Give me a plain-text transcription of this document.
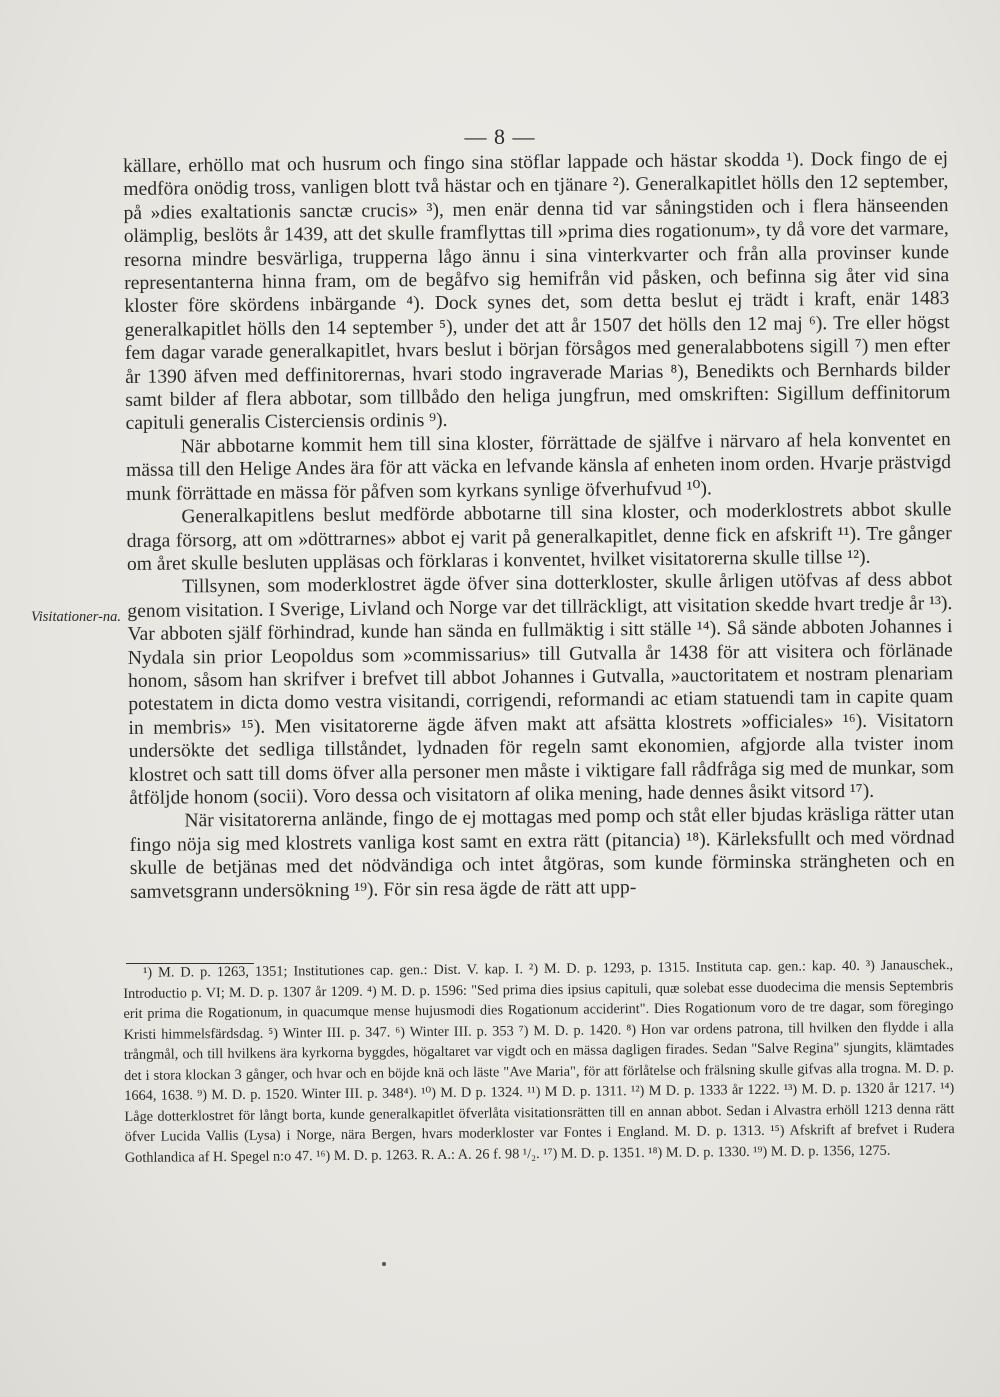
— 8 —
Visitationer-na.

källare, erhöllo mat och husrum och fingo sina stöflar lappade och hästar skodda ¹). Dock fingo de ej medföra onödig tross, vanligen blott två hästar och en tjänare ²). Generalkapitlet hölls den 12 september, på »dies exaltationis sanctæ crucis» ³), men enär denna tid var såningstiden och i flera hänseenden olämplig, beslöts år 1439, att det skulle framflyttas till »prima dies rogationum», ty då vore det varmare, resorna mindre besvärliga, trupperna lågo ännu i sina vinterkvarter och från alla provinser kunde representanterna hinna fram, om de begåfvo sig hemifrån vid påsken, och befinna sig åter vid sina kloster före skördens inbärgande ⁴). Dock synes det, som detta beslut ej trädt i kraft, enär 1483 generalkapitlet hölls den 14 september ⁵), under det att år 1507 det hölls den 12 maj ⁶). Tre eller högst fem dagar varade generalkapitlet, hvars beslut i början försågos med generalabbotens sigill ⁷) men efter år 1390 äfven med deffinitorernas, hvari stodo ingraverade Marias ⁸), Benedikts och Bernhards bilder samt bilder af flera abbotar, som tillbådo den heliga jungfrun, med omskriften: Sigillum deffinitorum capituli generalis Cisterciensis ordinis ⁹).

När abbotarne kommit hem till sina kloster, förrättade de själfve i närvaro af hela konventet en mässa till den Helige Andes ära för att väcka en lefvande känsla af enheten inom orden. Hvarje prästvigd munk förrättade en mässa för påfven som kyrkans synlige öfverhufvud ¹⁰).

Generalkapitlens beslut medförde abbotarne till sina kloster, och moderklostrets abbot skulle draga försorg, att om »döttrarnes» abbot ej varit på generalkapitlet, denne fick en afskrift ¹¹). Tre gånger om året skulle besluten uppläsas och förklaras i konventet, hvilket visitatorerna skulle tillse ¹²).

Tillsynen, som moderklostret ägde öfver sina dotterkloster, skulle årligen utöfvas af dess abbot genom visitation. I Sverige, Livland och Norge var det tillräckligt, att visitation skedde hvart tredje år ¹³). Var abboten själf förhindrad, kunde han sända en fullmäktig i sitt ställe ¹⁴). Så sände abboten Johannes i Nydala sin prior Leopoldus som »commissarius» till Gutvalla år 1438 för att visitera och förlänade honom, såsom han skrifver i brefvet till abbot Johannes i Gutvalla, »auctoritatem et nostram plenariam potestatem in dicta domo vestra visitandi, corrigendi, reformandi ac etiam statuendi tam in capite quam in membris» ¹⁵). Men visitatorerne ägde äfven makt att afsätta klostrets »officiales» ¹⁶). Visitatorn undersökte det sedliga tillståndet, lydnaden för regeln samt ekonomien, afgjorde alla tvister inom klostret och satt till doms öfver alla personer men måste i viktigare fall rådfråga sig med de munkar, som åtföljde honom (socii). Voro dessa och visitatorn af olika mening, hade dennes åsikt vitsord ¹⁷).

När visitatorerna anlände, fingo de ej mottagas med pomp och ståt eller bjudas kräsliga rätter utan fingo nöja sig med klostrets vanliga kost samt en extra rätt (pitancia) ¹⁸). Kärleksfullt och med vördnad skulle de betjänas med det nödvändiga och intet åtgöras, som kunde förminska strängheten och en samvetsgrann undersökning ¹⁹). För sin resa ägde de rätt att upp-

¹) M. D. p. 1263, 1351; Institutiones cap. gen.: Dist. V. kap. I. ²) M. D. p. 1293, p. 1315. Instituta cap. gen.: kap. 40. ³) Janauschek., Introductio p. VI; M. D. p. 1307 år 1209. ⁴) M. D. p. 1596: "Sed prima dies ipsius capituli, quæ solebat esse duodecima die mensis Septembris erit prima die Rogationum, in quacumque mense hujusmodi dies Rogationum acciderint". Dies Rogationum voro de tre dagar, som föregingo Kristi himmelsfärdsdag. ⁵) Winter III. p. 347. ⁶) Winter III. p. 353 ⁷) M. D. p. 1420. ⁸) Hon var ordens patrona, till hvilken den flydde i alla trångmål, och till hvilkens ära kyrkorna byggdes, högaltaret var vigdt och en mässa dagligen firades. Sedan "Salve Regina" sjungits, klämtades det i stora klockan 3 gånger, och hvar och en böjde knä och läste "Ave Maria", för att förlåtelse och frälsning skulle gifvas alla trogna. M. D. p. 1664, 1638. ⁹) M. D. p. 1520. Winter III. p. 348⁴). ¹⁰) M. D p. 1324. ¹¹) M D. p. 1311. ¹²) M D. p. 1333 år 1222. ¹³) M. D. p. 1320 år 1217. ¹⁴) Låge dotterklostret för långt borta, kunde generalkapitlet öfverlåta visitationsrätten till en annan abbot. Sedan i Alvastra erhöll 1213 denna rätt öfver Lucida Vallis (Lysa) i Norge, nära Bergen, hvars moderkloster var Fontes i England. M. D. p. 1313. ¹⁵) Afskrift af brefvet i Rudera Gothlandica af H. Spegel n:o 47. ¹⁶) M. D. p. 1263. R. A.: A. 26 f. 98 ¹/₂. ¹⁷) M. D. p. 1351. ¹⁸) M. D. p. 1330. ¹⁹) M. D. p. 1356, 1275.
